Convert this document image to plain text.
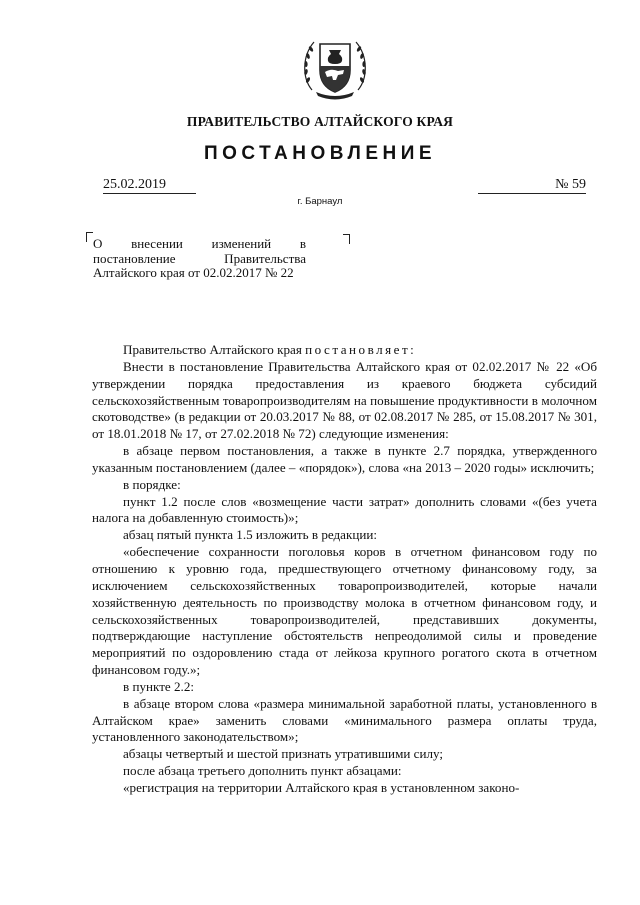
ПРАВИТЕЛЬСТВО АЛТАЙСКОГО КРАЯ
ПОСТАНОВЛЕНИЕ
25.02.2019	№ 59
г. Барнаул
О внесении изменений в постановление Правительства Алтайского края от 02.02.2017 № 22

Правительство Алтайского края постановляет:

Внести в постановление Правительства Алтайского края от 02.02.2017 № 22 «Об утверждении порядка предоставления из краевого бюджета субсидий сельскохозяйственным товаропроизводителям на повышение продуктивности в молочном скотоводстве» (в редакции от 20.03.2017 № 88, от 02.08.2017 № 285, от 15.08.2017 № 301, от 18.01.2018 № 17, от 27.02.2018 № 72) следующие изменения:

в абзаце первом постановления, а также в пункте 2.7 порядка, утвержденного указанным постановлением (далее – «порядок»), слова «на 2013 – 2020 годы» исключить;

в порядке:

пункт 1.2 после слов «возмещение части затрат» дополнить словами «(без учета налога на добавленную стоимость)»;

абзац пятый пункта 1.5 изложить в редакции:

«обеспечение сохранности поголовья коров в отчетном финансовом году по отношению к уровню года, предшествующего отчетному финансовому году, за исключением сельскохозяйственных товаропроизводителей, которые начали хозяйственную деятельность по производству молока в отчетном финансовом году, и сельскохозяйственных товаропроизводителей, представивших документы, подтверждающие наступление обстоятельств непреодолимой силы и проведение мероприятий по оздоровлению стада от лейкоза крупного рогатого скота в отчетном финансовом году.»;

в пункте 2.2:

в абзаце втором слова «размера минимальной заработной платы, установленного в Алтайском крае» заменить словами «минимального размера оплаты труда, установленного законодательством»;

абзацы четвертый и шестой признать утратившими силу;

после абзаца третьего дополнить пункт абзацами:

«регистрация на территории Алтайского края в установленном законо-
